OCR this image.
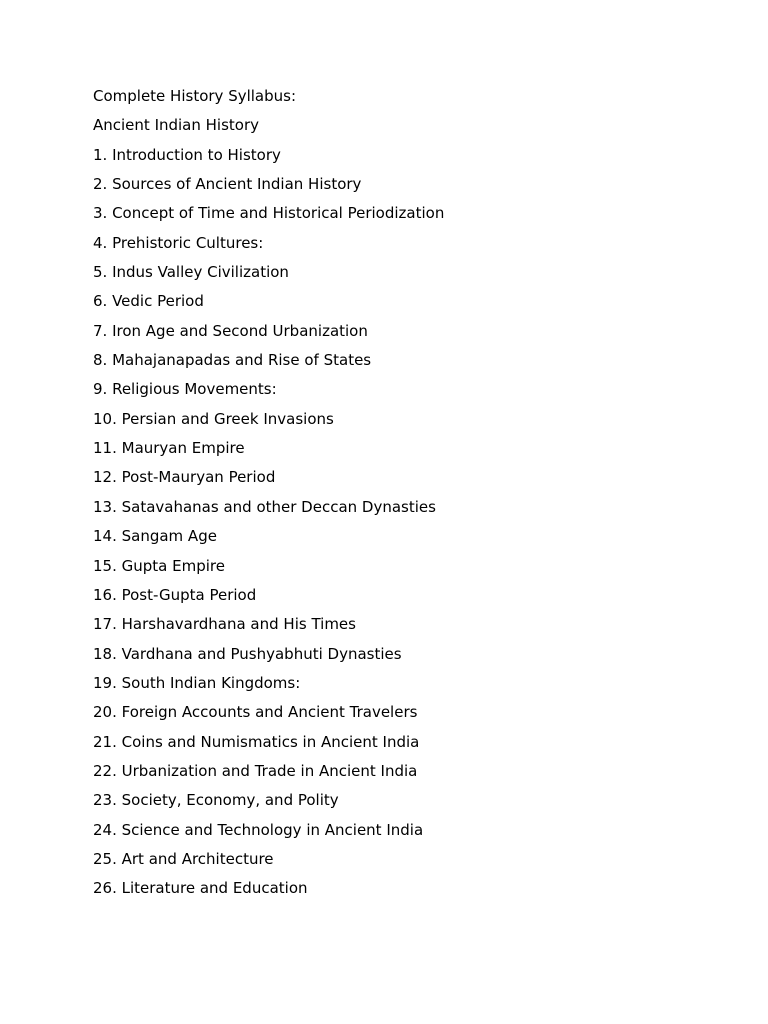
Complete History Syllabus:
Ancient Indian History
1. Introduction to History
2. Sources of Ancient Indian History
3. Concept of Time and Historical Periodization
4. Prehistoric Cultures:
5. Indus Valley Civilization
6. Vedic Period
7. Iron Age and Second Urbanization
8. Mahajanapadas and Rise of States
9. Religious Movements:
10. Persian and Greek Invasions
11. Mauryan Empire
12. Post-Mauryan Period
13. Satavahanas and other Deccan Dynasties
14. Sangam Age
15. Gupta Empire
16. Post-Gupta Period
17. Harshavardhana and His Times
18. Vardhana and Pushyabhuti Dynasties
19. South Indian Kingdoms:
20. Foreign Accounts and Ancient Travelers
21. Coins and Numismatics in Ancient India
22. Urbanization and Trade in Ancient India
23. Society, Economy, and Polity
24. Science and Technology in Ancient India
25. Art and Architecture
26. Literature and Education
